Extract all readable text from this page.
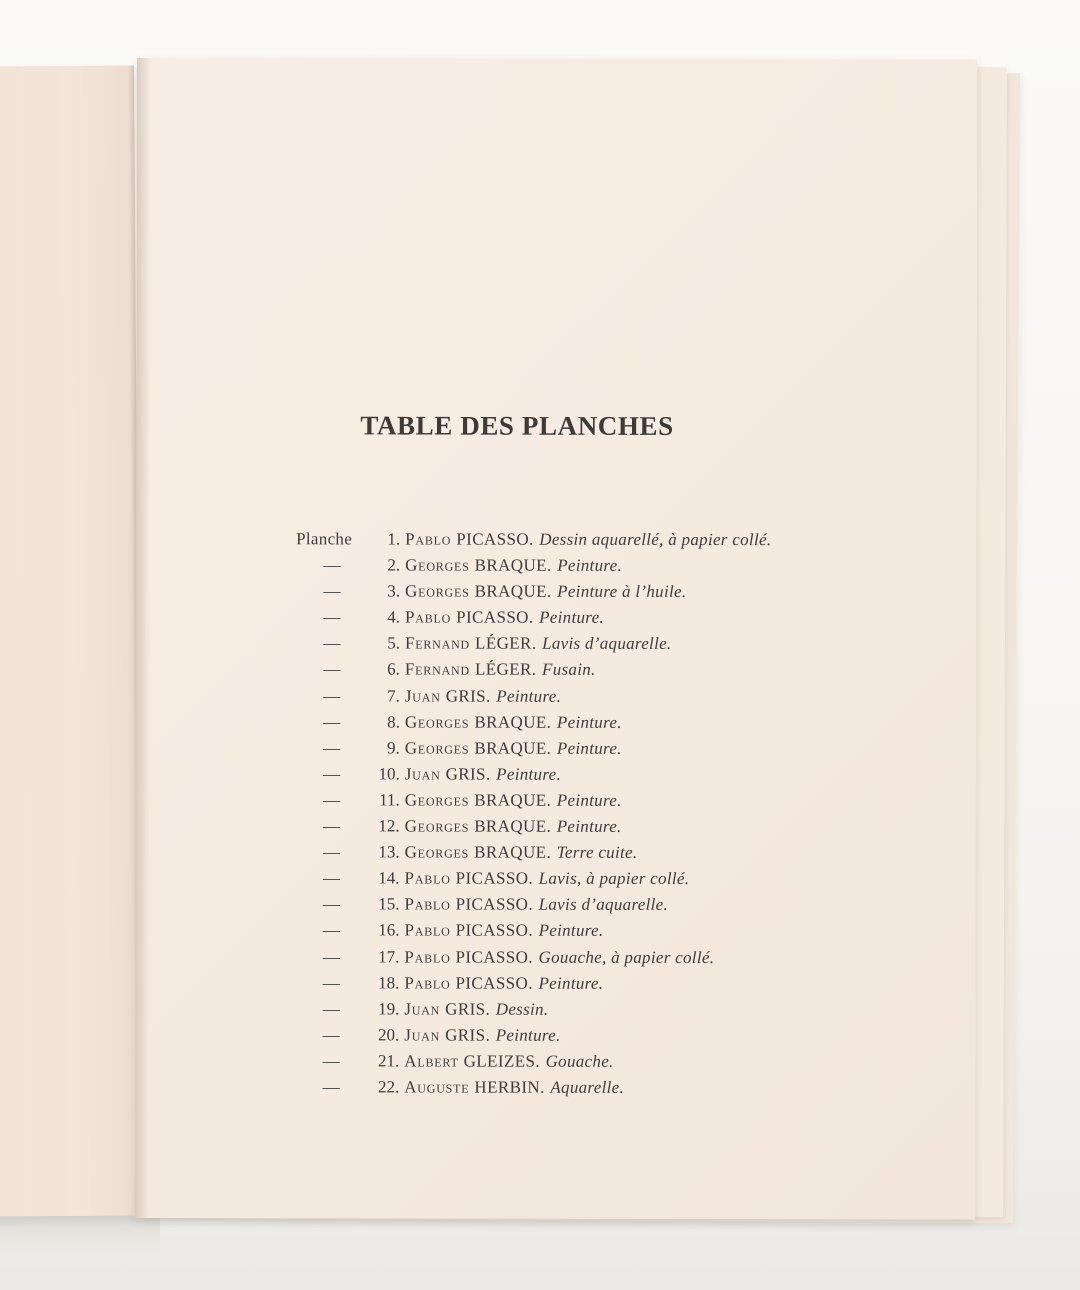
TABLE DES PLANCHES
Planche	1. Pablo PICASSO . Dessin aquarellé, à papier collé.
—	2. Georges BRAQUE . Peinture.
—	3. Georges BRAQUE . Peinture à l’huile.
—	4. Pablo PICASSO . Peinture.
—	5. Fernand LÉGER . Lavis d’aquarelle.
—	6. Fernand LÉGER . Fusain.
—	7. Juan GRIS . Peinture.
—	8. Georges BRAQUE . Peinture.
—	9. Georges BRAQUE . Peinture.
—	10. Juan GRIS . Peinture.
—	11. Georges BRAQUE . Peinture.
—	12. Georges BRAQUE . Peinture.
—	13. Georges BRAQUE . Terre cuite.
—	14. Pablo PICASSO . Lavis, à papier collé.
—	15. Pablo PICASSO . Lavis d’aquarelle.
—	16. Pablo PICASSO . Peinture.
—	17. Pablo PICASSO . Gouache, à papier collé.
—	18. Pablo PICASSO . Peinture.
—	19. Juan GRIS . Dessin.
—	20. Juan GRIS . Peinture.
—	21. Albert GLEIZES . Gouache.
—	22. Auguste HERBIN . Aquarelle.
